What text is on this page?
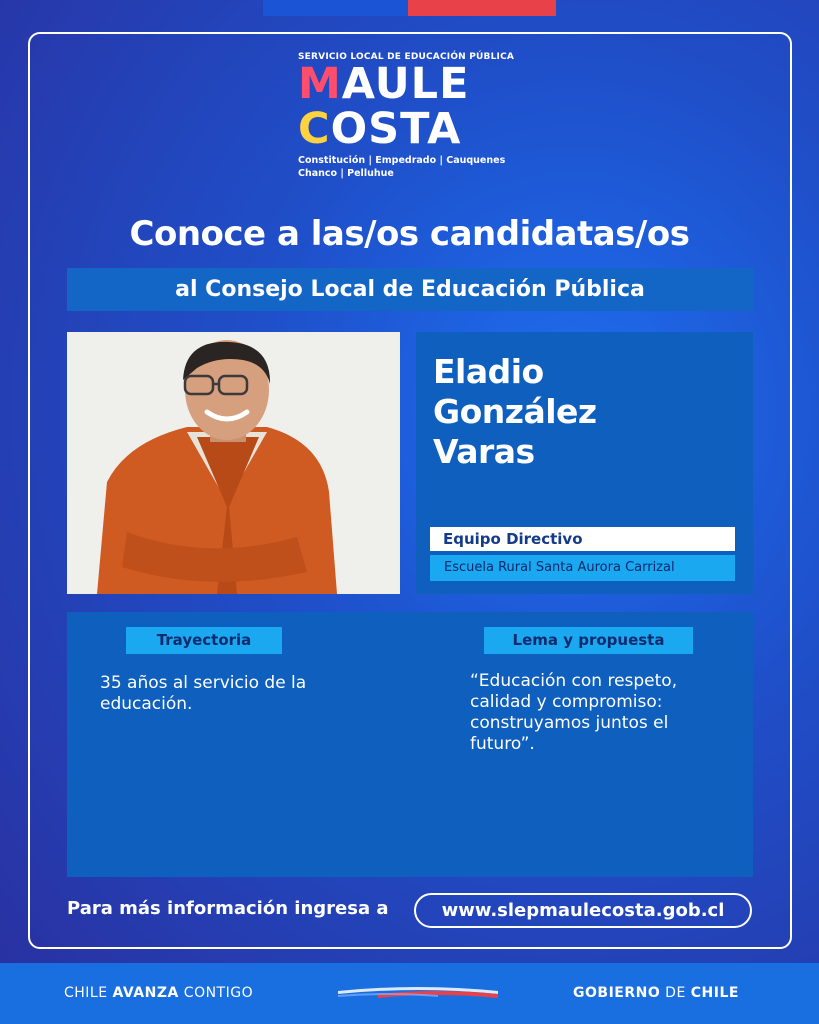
SERVICIO LOCAL DE EDUCACIÓN PÚBLICA
MAULE
COSTA
Constitución | Empedrado | Cauquenes
Chanco | Pelluhue
Conoce a las/os candidatas/os
al Consejo Local de Educación Pública
Eladio
González
Varas
Equipo Directivo
Escuela Rural Santa Aurora Carrizal
Trayectoria	Lema y propuesta
35 años al servicio de la educación.
“Educación con respeto, calidad y compromiso: construyamos juntos el futuro”.
Para más información ingresa a	www.slepmaulecosta.gob.cl
CHILE AVANZA CONTIGO	GOBIERNO DE CHILE
